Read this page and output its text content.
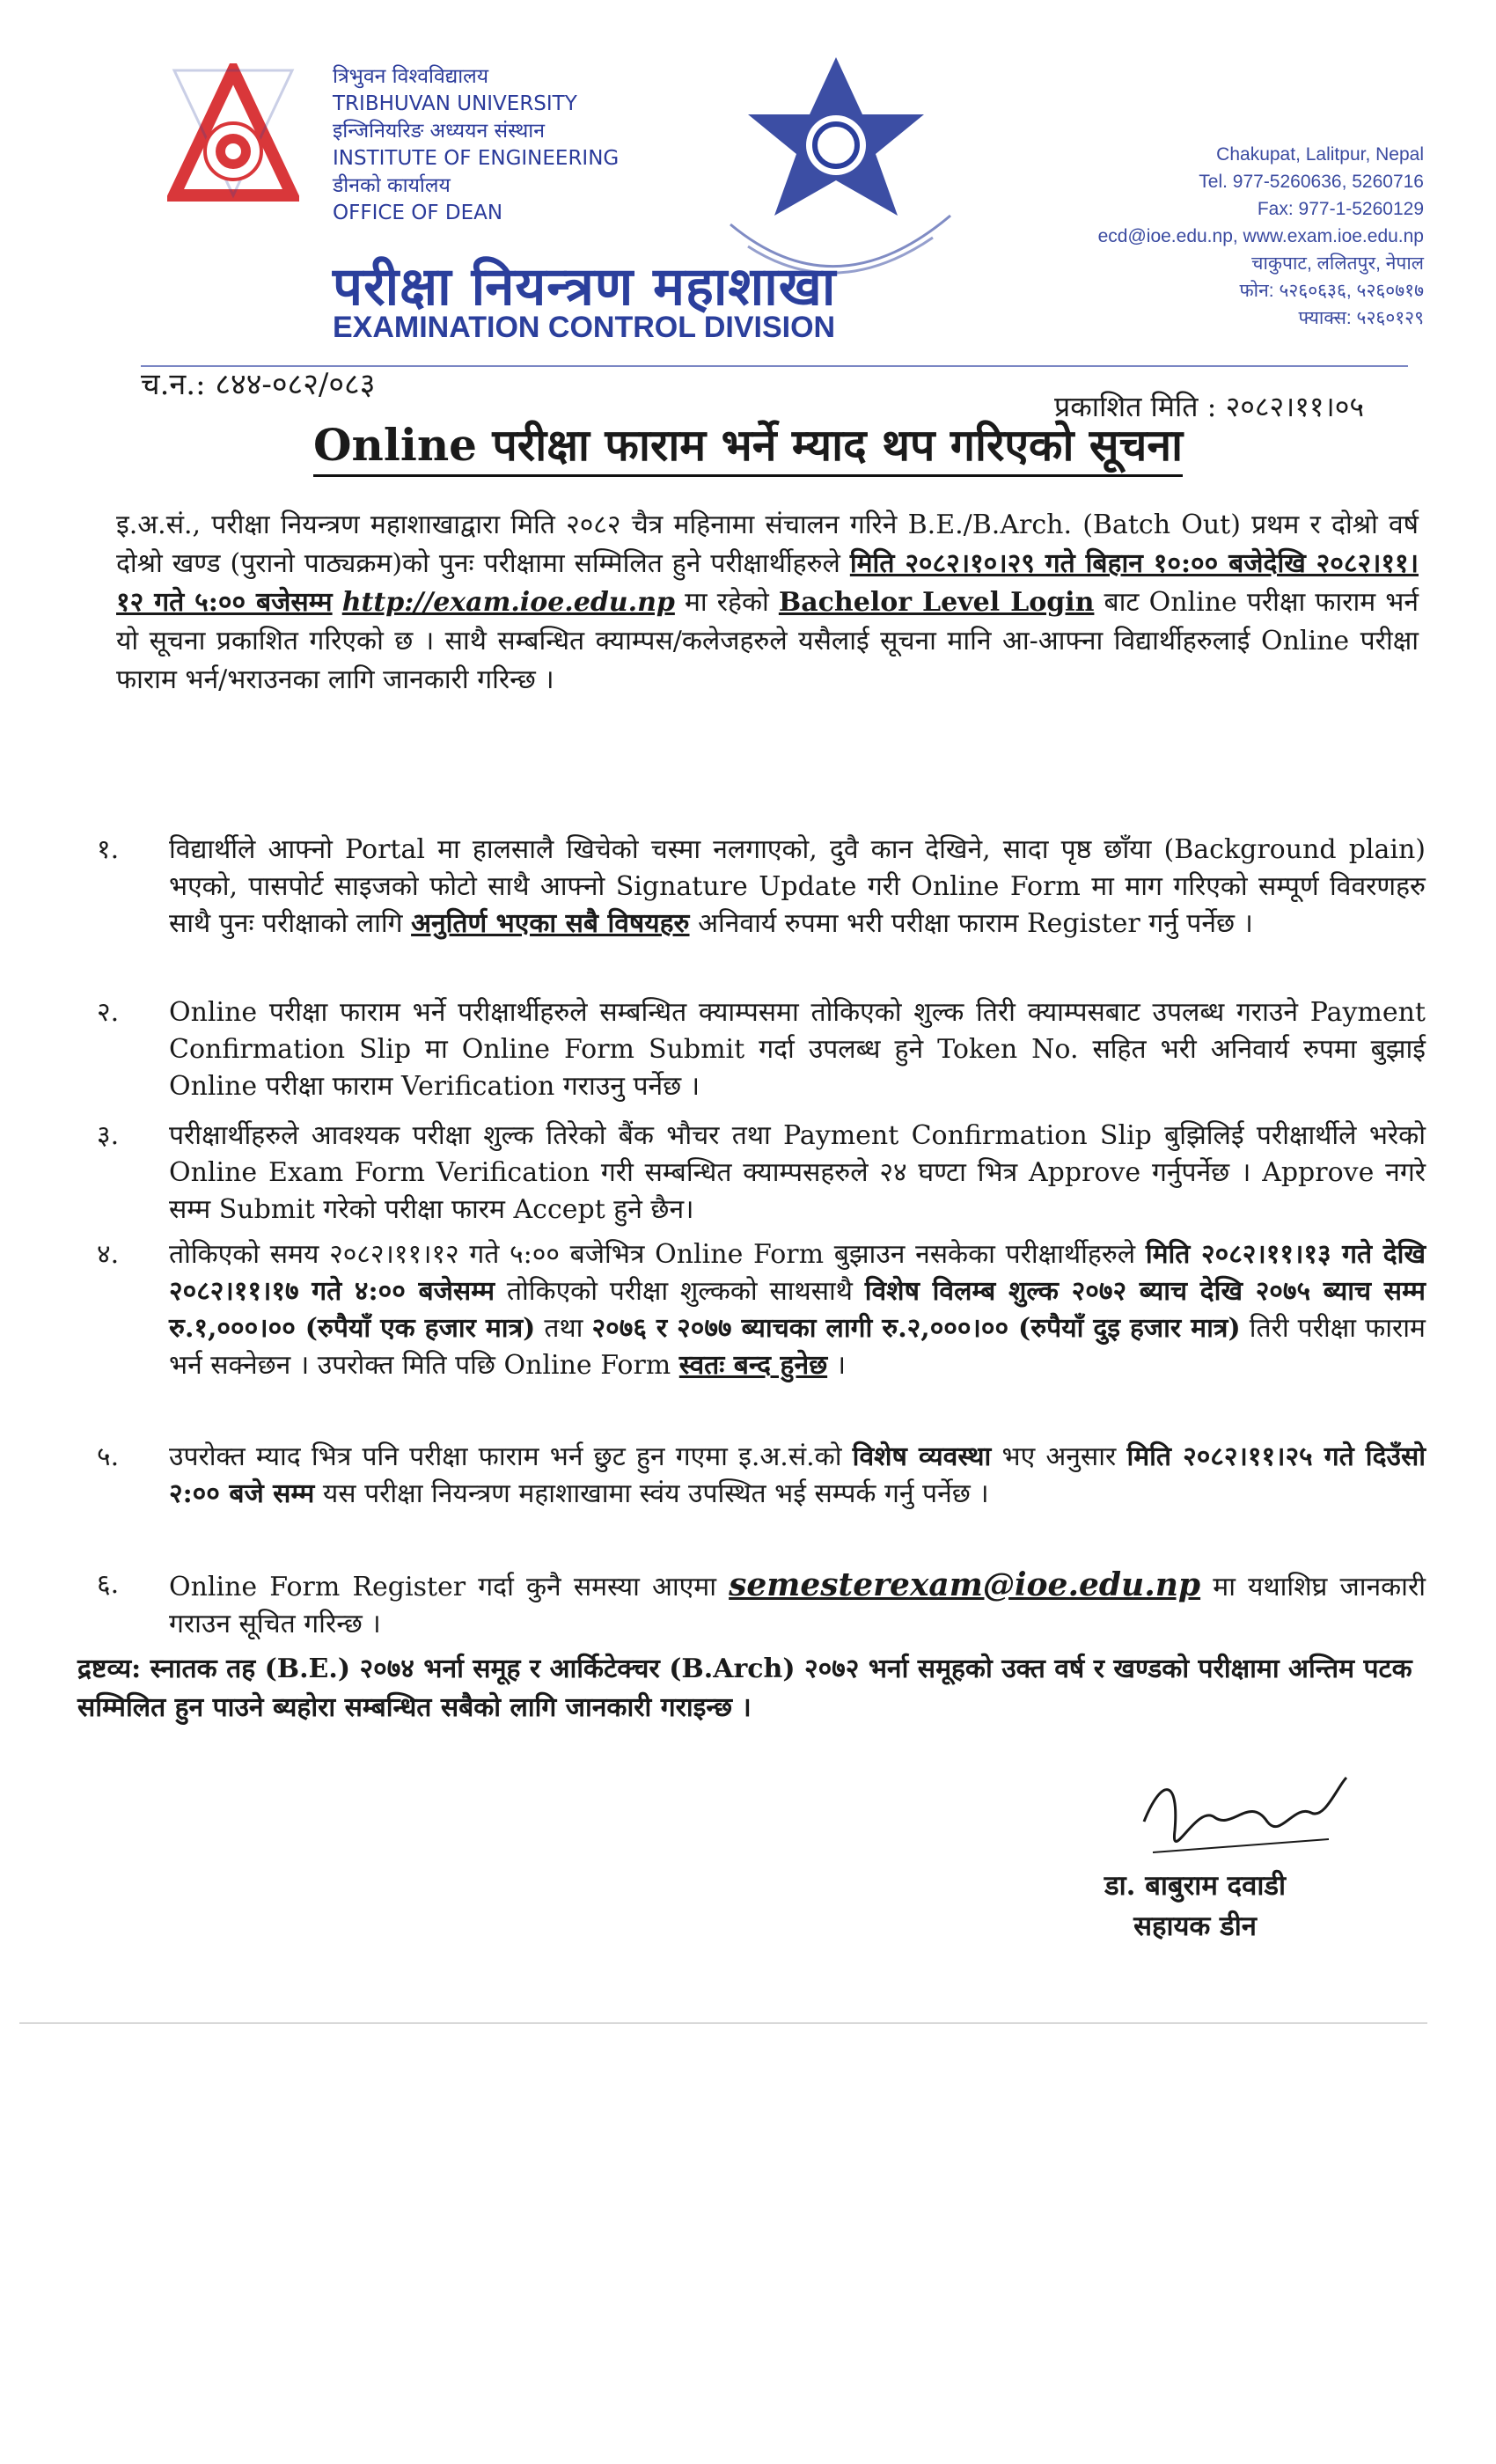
त्रिभुवन विश्वविद्यालय
TRIBHUVAN UNIVERSITY
इन्जिनियरिङ अध्ययन संस्थान
INSTITUTE OF ENGINEERING
डीनको कार्यालय
OFFICE OF DEAN
परीक्षा नियन्त्रण महाशाखा
EXAMINATION CONTROL DIVISION
Chakupat, Lalitpur, Nepal
Tel. 977-5260636, 5260716
Fax: 977-1-5260129
ecd@ioe.edu.np, www.exam.ioe.edu.np
चाकुपाट, ललितपुर, नेपाल
फोन: ५२६०६३६, ५२६०७१७
फ्याक्स: ५२६०१२९
च.न.: ८४४-०८२/०८३
प्रकाशित मिति : २०८२।११।०५
Online परीक्षा फाराम भर्ने म्याद थप गरिएको सूचना
इ.अ.सं., परीक्षा नियन्त्रण महाशाखाद्वारा मिति २०८२ चैत्र महिनामा संचालन गरिने B.E./B.Arch. (Batch Out) प्रथम र दोश्रो वर्ष दोश्रो खण्ड (पुरानो पाठ्यक्रम)को पुनः परीक्षामा सम्मिलित हुने परीक्षार्थीहरुले मिति २०८२।१०।२९ गते बिहान १०:०० बजेदेखि २०८२।११।१२ गते ५:०० बजेसम्म http://exam.ioe.edu.np मा रहेको Bachelor Level Login बाट Online परीक्षा फाराम भर्न यो सूचना प्रकाशित गरिएको छ । साथै सम्बन्धित क्याम्पस/कलेजहरुले यसैलाई सूचना मानि आ-आफ्ना विद्यार्थीहरुलाई Online परीक्षा फाराम भर्न/भराउनका लागि जानकारी गरिन्छ ।
१.	विद्यार्थीले आफ्नो Portal मा हालसालै खिचेको चस्मा नलगाएको, दुवै कान देखिने, सादा पृष्ठ छाँया (Background plain) भएको, पासपोर्ट साइजको फोटो साथै आफ्नो Signature Update गरी Online Form मा माग गरिएको सम्पूर्ण विवरणहरु साथै पुनः परीक्षाको लागि अनुतिर्ण भएका सबै विषयहरु अनिवार्य रुपमा भरी परीक्षा फाराम Register गर्नु पर्नेछ ।
२.	Online परीक्षा फाराम भर्ने परीक्षार्थीहरुले सम्बन्धित क्याम्पसमा तोकिएको शुल्क तिरी क्याम्पसबाट उपलब्ध गराउने Payment Confirmation Slip मा Online Form Submit गर्दा उपलब्ध हुने Token No. सहित भरी अनिवार्य रुपमा बुझाई Online परीक्षा फाराम Verification गराउनु पर्नेछ ।
३.	परीक्षार्थीहरुले आवश्यक परीक्षा शुल्क तिरेको बैंक भौचर तथा Payment Confirmation Slip बुझिलिई परीक्षार्थीले भरेको Online Exam Form Verification गरी सम्बन्धित क्याम्पसहरुले २४ घण्टा भित्र Approve गर्नुपर्नेछ । Approve नगरे सम्म Submit गरेको परीक्षा फारम Accept हुने छैन।
४.	तोकिएको समय २०८२।११।१२ गते ५:०० बजेभित्र Online Form बुझाउन नसकेका परीक्षार्थीहरुले मिति २०८२।११।१३ गते देखि २०८२।११।१७ गते ४:०० बजेसम्म तोकिएको परीक्षा शुल्कको साथसाथै विशेष विलम्ब शुल्क २०७२ ब्याच देखि २०७५ ब्याच सम्म रु.१,०००।०० (रुपैयाँ एक हजार मात्र) तथा २०७६ र २०७७ ब्याचका लागी रु.२,०००।०० (रुपैयाँ दुइ हजार मात्र) तिरी परीक्षा फाराम भर्न सक्नेछन । उपरोक्त मिति पछि Online Form स्वतः बन्द हुनेछ ।
५.	उपरोक्त म्याद भित्र पनि परीक्षा फाराम भर्न छुट हुन गएमा इ.अ.सं.को विशेष व्यवस्था भए अनुसार मिति २०८२।११।२५ गते दिउँसो २:०० बजे सम्म यस परीक्षा नियन्त्रण महाशाखामा स्वंय उपस्थित भई सम्पर्क गर्नु पर्नेछ ।
६.	Online Form Register गर्दा कुनै समस्या आएमा semesterexam@ioe.edu.np मा यथाशिघ्र जानकारी गराउन सूचित गरिन्छ ।
द्रष्टव्य: स्नातक तह (B.E.) २०७४ भर्ना समूह र आर्किटेक्चर (B.Arch) २०७२ भर्ना समूहको उक्त वर्ष र खण्डको परीक्षामा अन्तिम पटक सम्मिलित हुन पाउने ब्यहोरा सम्बन्धित सबैको लागि जानकारी गराइन्छ ।
डा. बाबुराम दवाडी
सहायक डीन
